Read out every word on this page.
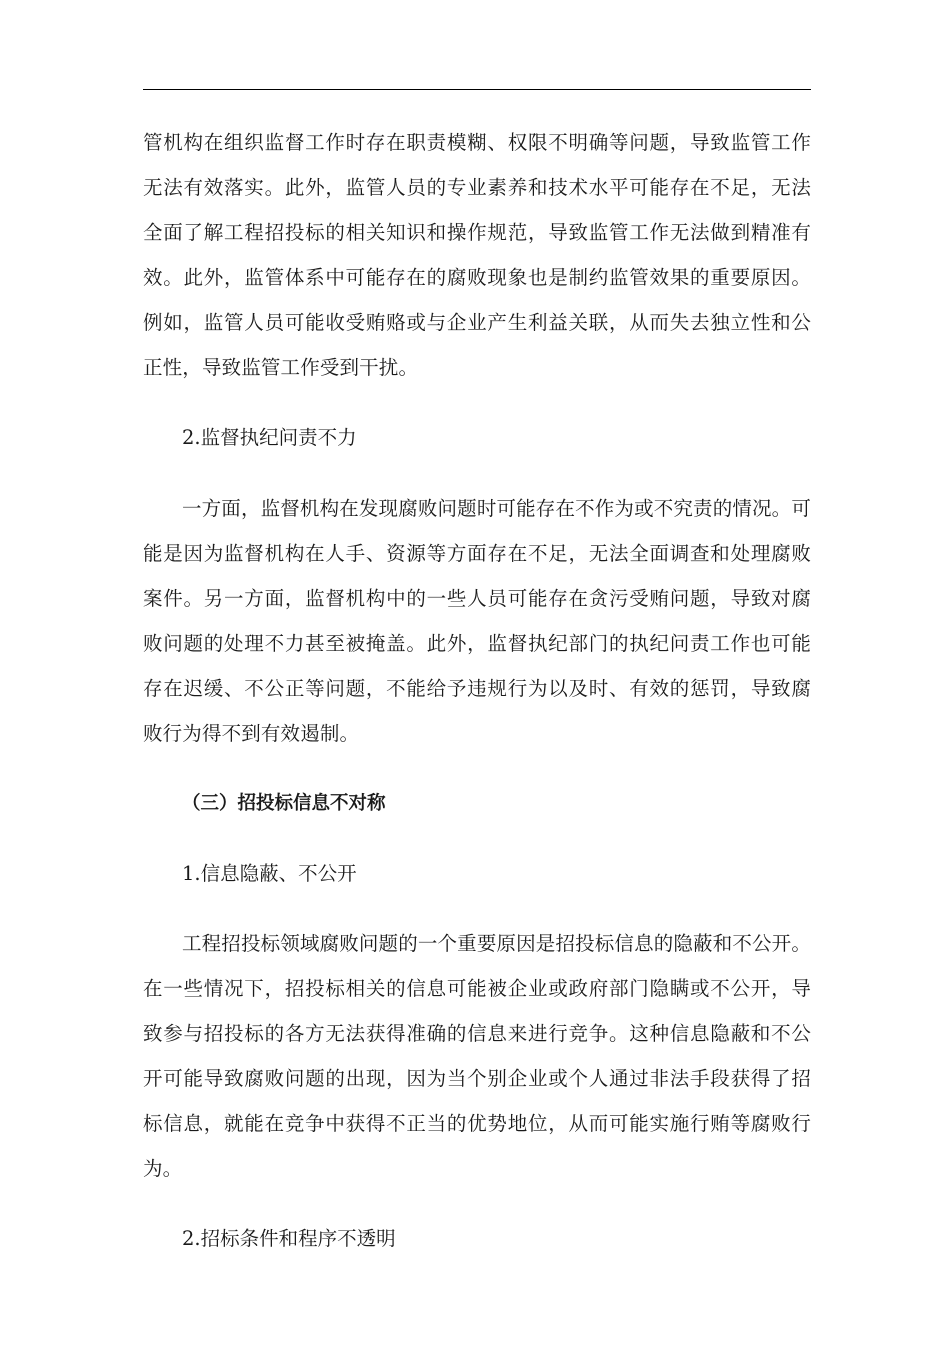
管机构在组织监督工作时存在职责模糊、权限不明确等问题，导致监管工作无法有效落实。此外，监管人员的专业素养和技术水平可能存在不足，无法全面了解工程招投标的相关知识和操作规范，导致监管工作无法做到精准有效。此外，监管体系中可能存在的腐败现象也是制约监管效果的重要原因。例如，监管人员可能收受贿赂或与企业产生利益关联，从而失去独立性和公正性，导致监管工作受到干扰。

2.监督执纪问责不力

一方面，监督机构在发现腐败问题时可能存在不作为或不究责的情况。可能是因为监督机构在人手、资源等方面存在不足，无法全面调查和处理腐败案件。另一方面，监督机构中的一些人员可能存在贪污受贿问题，导致对腐败问题的处理不力甚至被掩盖。此外，监督执纪部门的执纪问责工作也可能存在迟缓、不公正等问题，不能给予违规行为以及时、有效的惩罚，导致腐败行为得不到有效遏制。

（三）招投标信息不对称

1.信息隐蔽、不公开

工程招投标领域腐败问题的一个重要原因是招投标信息的隐蔽和不公开。在一些情况下，招投标相关的信息可能被企业或政府部门隐瞒或不公开，导致参与招投标的各方无法获得准确的信息来进行竞争。这种信息隐蔽和不公开可能导致腐败问题的出现，因为当个别企业或个人通过非法手段获得了招标信息，就能在竞争中获得不正当的优势地位，从而可能实施行贿等腐败行为。

2.招标条件和程序不透明
